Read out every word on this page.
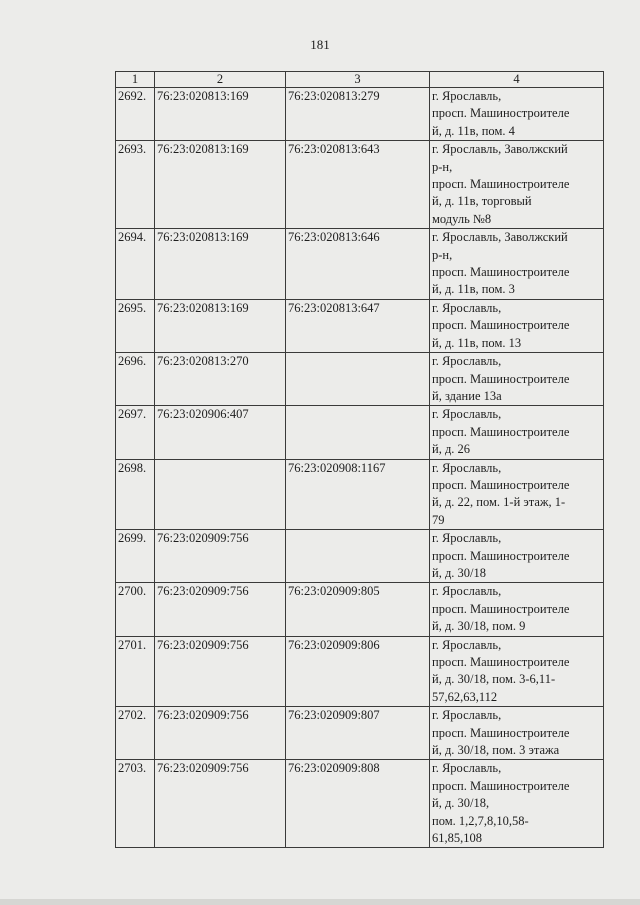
181
1	2	3	4
2692.	76:23:020813:169	76:23:020813:279	г. Ярославль,
просп. Машиностроителе
й, д. 11в, пом. 4

2693.	76:23:020813:169	76:23:020813:643	г. Ярославль, Заволжский
р-н,
просп. Машиностроителе
й, д. 11в, торговый
модуль №8

2694.	76:23:020813:169	76:23:020813:646	г. Ярославль, Заволжский
р-н,
просп. Машиностроителе
й, д. 11в, пом. 3

2695.	76:23:020813:169	76:23:020813:647	г. Ярославль,
просп. Машиностроителе
й, д. 11в, пом. 13

2696.	76:23:020813:270		г. Ярославль,
просп. Машиностроителе
й, здание 13а

2697.	76:23:020906:407		г. Ярославль,
просп. Машиностроителе
й, д. 26

2698.		76:23:020908:1167	г. Ярославль,
просп. Машиностроителе
й, д. 22, пом. 1-й этаж, 1-
79

2699.	76:23:020909:756		г. Ярославль,
просп. Машиностроителе
й, д. 30/18

2700.	76:23:020909:756	76:23:020909:805	г. Ярославль,
просп. Машиностроителе
й, д. 30/18, пом. 9

2701.	76:23:020909:756	76:23:020909:806	г. Ярославль,
просп. Машиностроителе
й, д. 30/18, пом. 3-6,11-
57,62,63,112

2702.	76:23:020909:756	76:23:020909:807	г. Ярославль,
просп. Машиностроителе
й, д. 30/18, пом. 3 этажа

2703.	76:23:020909:756	76:23:020909:808	г. Ярославль,
просп. Машиностроителе
й, д. 30/18,
пом. 1,2,7,8,10,58-
61,85,108
